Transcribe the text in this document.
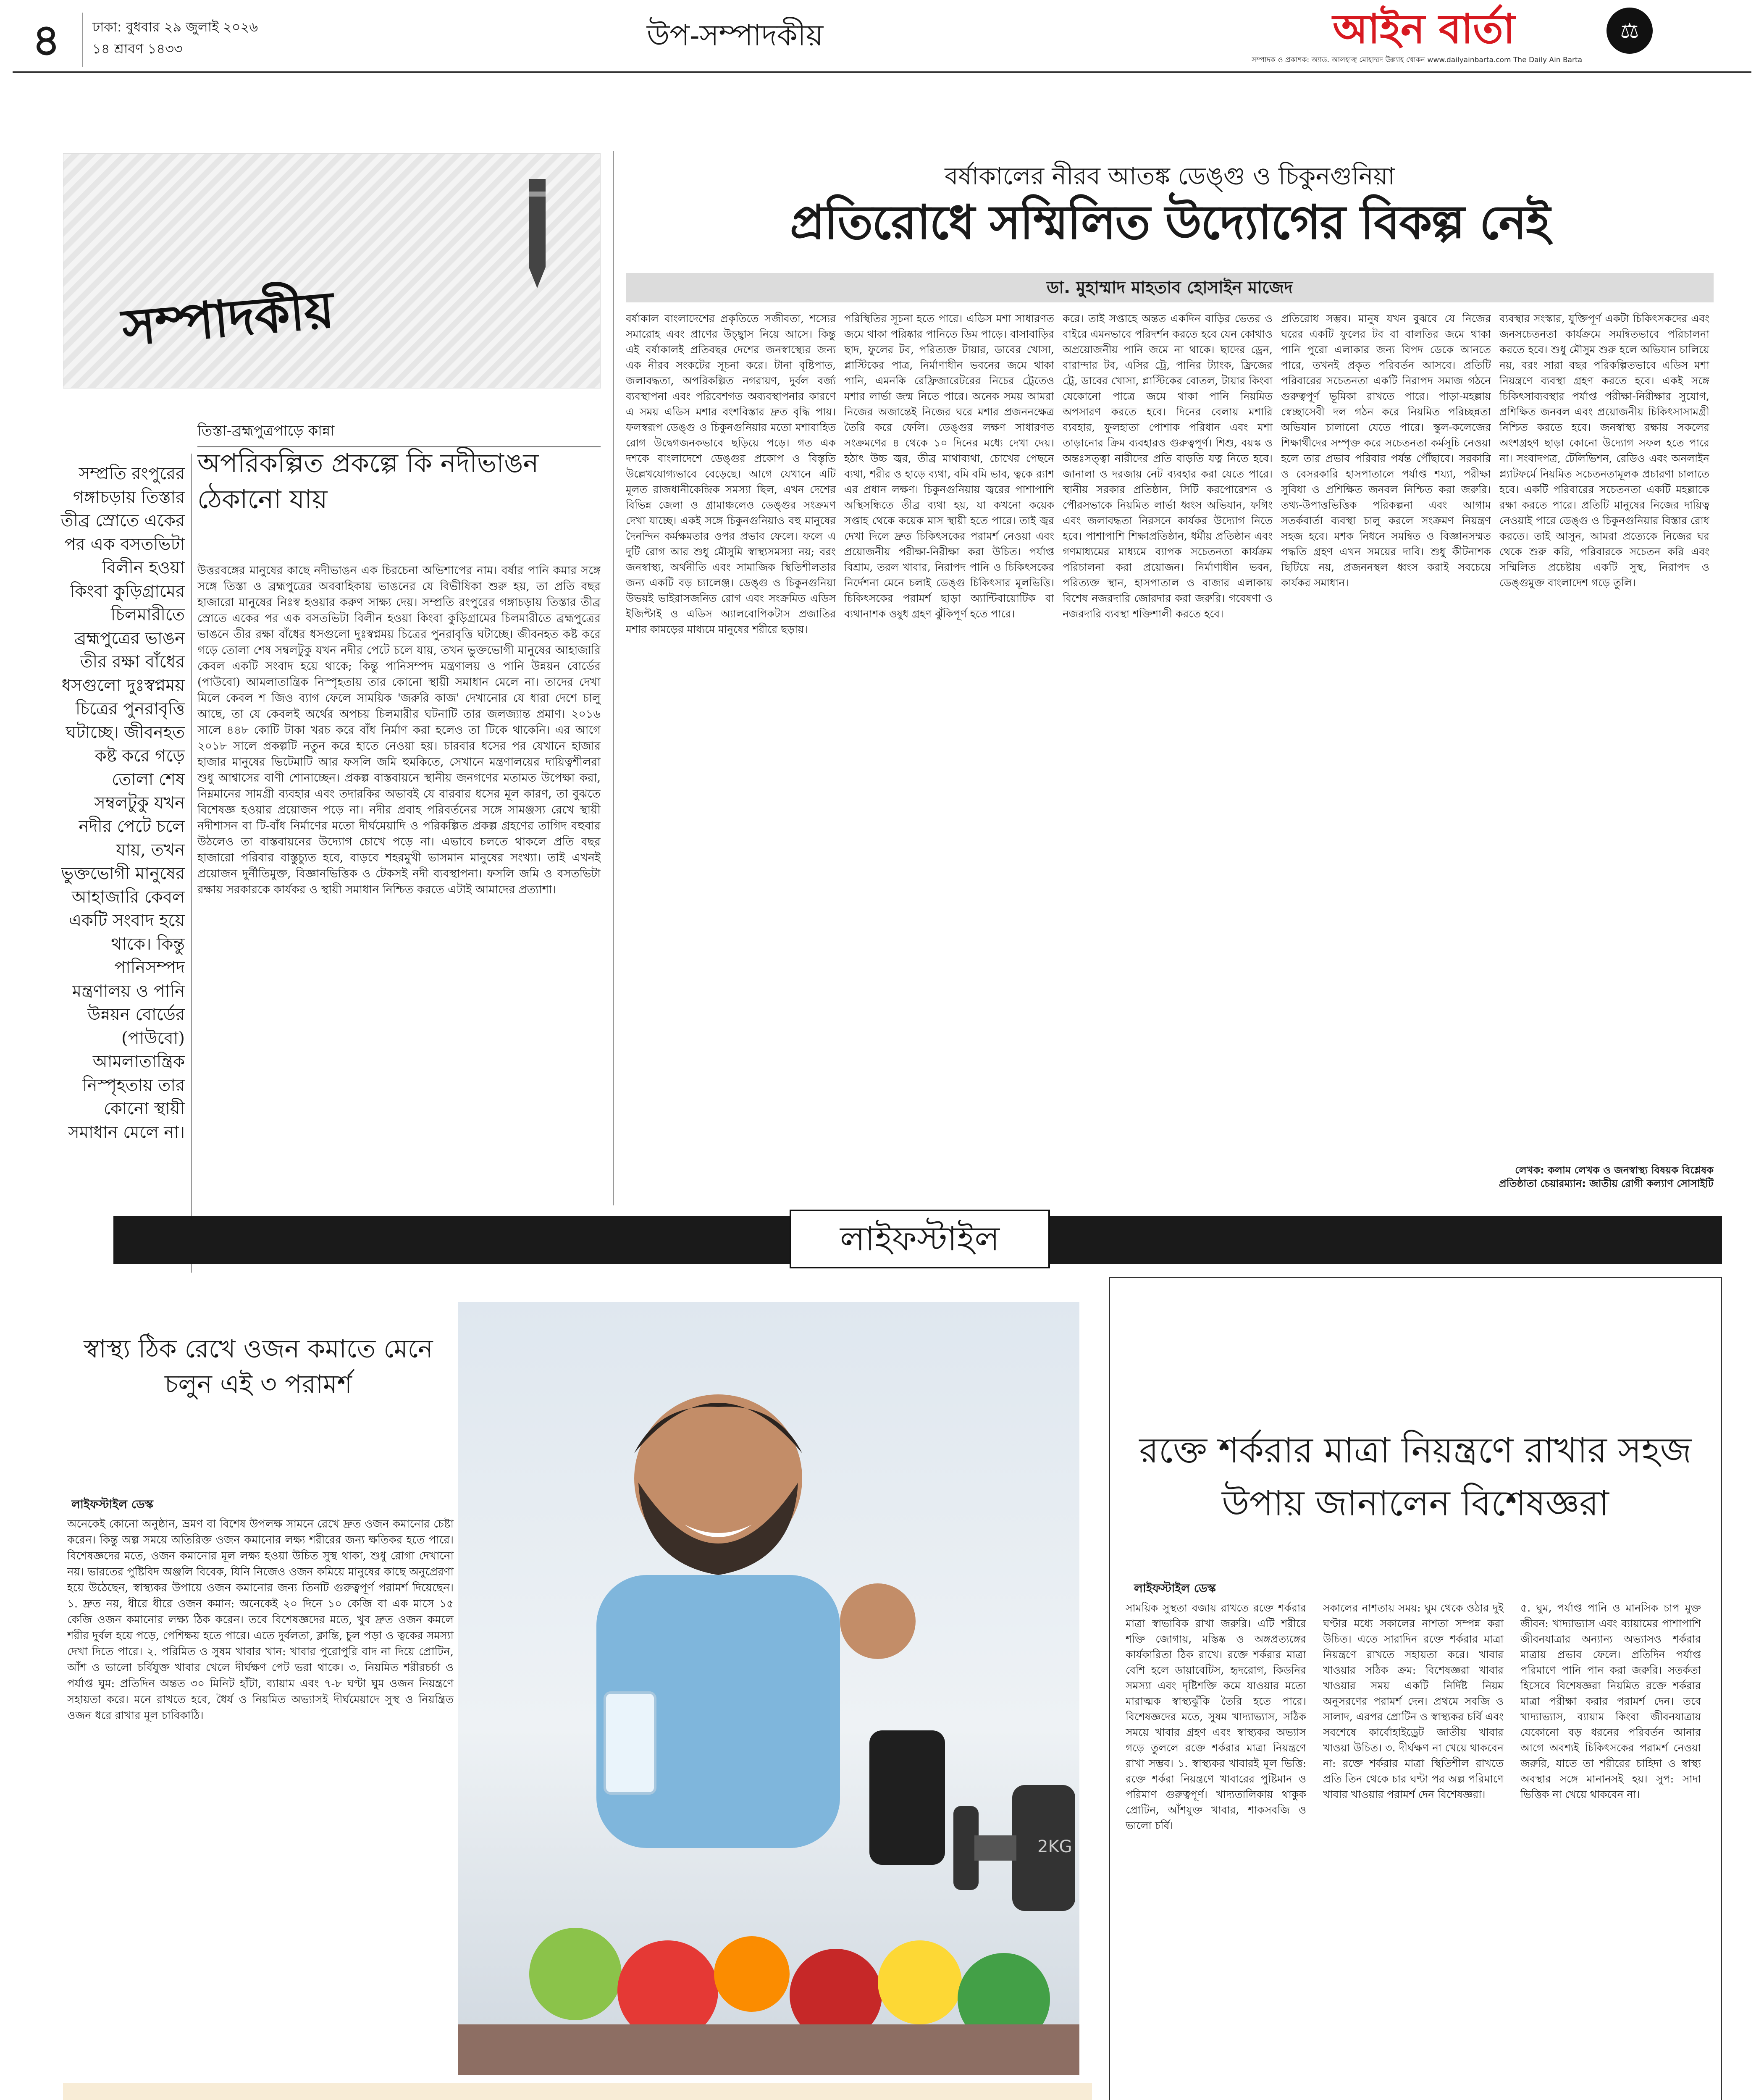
৪	ঢাকা: বুধবার ২৯ জুলাই ২০২৬
১৪ শ্রাবণ ১৪৩৩	উপ-সম্পাদকীয়	আইন বার্তা	⚖
সম্পাদক ও প্রকাশক: অ্যাড. আলহাজ্ব মোহাম্মদ উল্ল্যাহ খোকন www.dailyainbarta.com The Daily Ain Barta
সম্পাদকীয়
তিস্তা-ব্রহ্মপুত্রপাড়ে কান্না
অপরিকল্পিত প্রকল্পে কি নদীভাঙন ঠেকানো যায়
সম্প্রতি রংপুরের গঙ্গাচড়ায় তিস্তার তীব্র স্রোতে একের পর এক বসতভিটা বিলীন হওয়া কিংবা কুড়িগ্রামের চিলমারীতে ব্রহ্মপুত্রের ভাঙন তীর রক্ষা বাঁধের ধসগুলো দুঃস্বপ্নময় চিত্রের পুনরাবৃত্তি ঘটাচ্ছে। জীবনহত কষ্ট করে গড়ে তোলা শেষ সম্বলটুকু যখন নদীর পেটে চলে যায়, তখন ভুক্তভোগী মানুষের আহাজারি কেবল একটি সংবাদ হয়ে থাকে। কিন্তু পানিসম্পদ মন্ত্রণালয় ও পানি উন্নয়ন বোর্ডের (পাউবো) আমলাতান্ত্রিক নিস্পৃহতায় তার কোনো স্থায়ী সমাধান মেলে না।
উত্তরবঙ্গের মানুষের কাছে নদীভাঙন এক চিরচেনা অভিশাপের নাম। বর্ষার পানি কমার সঙ্গে সঙ্গে তিস্তা ও ব্রহ্মপুত্রের অববাহিকায় ভাঙনের যে বিভীষিকা শুরু হয়, তা প্রতি বছর হাজারো মানুষের নিঃস্ব হওয়ার করুণ সাক্ষ্য দেয়। সম্প্রতি রংপুরের গঙ্গাচড়ায় তিস্তার তীব্র স্রোতে একের পর এক বসতভিটা বিলীন হওয়া কিংবা কুড়িগ্রামের চিলমারীতে ব্রহ্মপুত্রের ভাঙনে তীর রক্ষা বাঁধের ধসগুলো দুঃস্বপ্নময় চিত্রের পুনরাবৃত্তি ঘটাচ্ছে। জীবনহত কষ্ট করে গড়ে তোলা শেষ সম্বলটুকু যখন নদীর পেটে চলে যায়, তখন ভুক্তভোগী মানুষের আহাজারি কেবল একটি সংবাদ হয়ে থাকে; কিন্তু পানিসম্পদ মন্ত্রণালয় ও পানি উন্নয়ন বোর্ডের (পাউবো) আমলাতান্ত্রিক নিস্পৃহতায় তার কোনো স্থায়ী সমাধান মেলে না। তাদের দেখা মিলে কেবল শ জিও ব্যাগ ফেলে সাময়িক 'জরুরি কাজ' দেখানোর যে ধারা দেশে চালু আছে, তা যে কেবলই অর্থের অপচয় চিলমারীর ঘটনাটি তার জলজ্যান্ত প্রমাণ। ২০১৬ সালে ৪৪৮ কোটি টাকা খরচ করে বাঁধ নির্মাণ করা হলেও তা টিকে থাকেনি। এর আগে ২০১৮ সালে প্রকল্পটি নতুন করে হাতে নেওয়া হয়। চারবার ধসের পর যেখানে হাজার হাজার মানুষের ভিটেমাটি আর ফসলি জমি হুমকিতে, সেখানে মন্ত্রণালয়ের দায়িত্বশীলরা শুধু আশ্বাসের বাণী শোনাচ্ছেন। প্রকল্প বাস্তবায়নে স্থানীয় জনগণের মতামত উপেক্ষা করা, নিম্নমানের সামগ্রী ব্যবহার এবং তদারকির অভাবই যে বারবার ধসের মূল কারণ, তা বুঝতে বিশেষজ্ঞ হওয়ার প্রয়োজন পড়ে না। নদীর প্রবাহ পরিবর্তনের সঙ্গে সামঞ্জস্য রেখে স্থায়ী নদীশাসন বা টি-বাঁধ নির্মাণের মতো দীর্ঘমেয়াদি ও পরিকল্পিত প্রকল্প গ্রহণের তাগিদ বহুবার উঠলেও তা বাস্তবায়নের উদ্যোগ চোখে পড়ে না। এভাবে চলতে থাকলে প্রতি বছর হাজারো পরিবার বাস্তুচ্যুত হবে, বাড়বে শহরমুখী ভাসমান মানুষের সংখ্যা। তাই এখনই প্রয়োজন দুর্নীতিমুক্ত, বিজ্ঞানভিত্তিক ও টেকসই নদী ব্যবস্থাপনা। ফসলি জমি ও বসতভিটা রক্ষায় সরকারকে কার্যকর ও স্থায়ী সমাধান নিশ্চিত করতে এটাই আমাদের প্রত্যাশা।
বর্ষাকালের নীরব আতঙ্ক ডেঙ্গু ও চিকুনগুনিয়া
প্রতিরোধে সম্মিলিত উদ্যোগের বিকল্প নেই
ডা. মুহাম্মাদ মাহতাব হোসাইন মাজেদ
বর্ষাকাল বাংলাদেশের প্রকৃতিতে সজীবতা, শস্যের সমারোহ এবং প্রাণের উচ্ছ্বাস নিয়ে আসে। কিন্তু এই বর্ষাকালই প্রতিবছর দেশের জনস্বাস্থ্যের জন্য এক নীরব সংকটের সূচনা করে। টানা বৃষ্টিপাত, জলাবদ্ধতা, অপরিকল্পিত নগরায়ণ, দুর্বল বর্জ্য ব্যবস্থাপনা এবং পরিবেশগত অব্যবস্থাপনার কারণে এ সময় এডিস মশার বংশবিস্তার দ্রুত বৃদ্ধি পায়। ফলস্বরূপ ডেঙ্গু ও চিকুনগুনিয়ার মতো মশাবাহিত রোগ উদ্বেগজনকভাবে ছড়িয়ে পড়ে। গত এক দশকে বাংলাদেশে ডেঙ্গুর প্রকোপ ও বিস্তৃতি উল্লেখযোগ্যভাবে বেড়েছে। আগে যেখানে এটি মূলত রাজধানীকেন্দ্রিক সমস্যা ছিল, এখন দেশের বিভিন্ন জেলা ও গ্রামাঞ্চলেও ডেঙ্গুর সংক্রমণ দেখা যাচ্ছে। একই সঙ্গে চিকুনগুনিয়াও বহু মানুষের দৈনন্দিন কর্মক্ষমতার ওপর প্রভাব ফেলে। ফলে এ দুটি রোগ আর শুধু মৌসুমি স্বাস্থ্যসমস্যা নয়; বরং জনস্বাস্থ্য, অর্থনীতি এবং সামাজিক স্থিতিশীলতার জন্য একটি বড় চ্যালেঞ্জ। ডেঙ্গু ও চিকুনগুনিয়া উভয়ই ভাইরাসজনিত রোগ এবং সংক্রমিত এডিস ইজিপ্টাই ও এডিস অ্যালবোপিকটাস প্রজাতির মশার কামড়ের মাধ্যমে মানুষের শরীরে ছড়ায়।
পরিস্থিতির সূচনা হতে পারে। এডিস মশা সাধারণত জমে থাকা পরিষ্কার পানিতে ডিম পাড়ে। বাসাবাড়ির ছাদ, ফুলের টব, পরিত্যক্ত টায়ার, ডাবের খোসা, প্লাস্টিকের পাত্র, নির্মাণাধীন ভবনের জমে থাকা পানি, এমনকি রেফ্রিজারেটরের নিচের ট্রেতেও মশার লার্ভা জন্ম নিতে পারে। অনেক সময় আমরা নিজের অজান্তেই নিজের ঘরে মশার প্রজননক্ষেত্র তৈরি করে ফেলি। ডেঙ্গুর লক্ষণ সাধারণত সংক্রমণের ৪ থেকে ১০ দিনের মধ্যে দেখা দেয়। হঠাৎ উচ্চ জ্বর, তীব্র মাথাব্যথা, চোখের পেছনে ব্যথা, শরীর ও হাড়ে ব্যথা, বমি বমি ভাব, ত্বকে র‍্যাশ এর প্রধান লক্ষণ। চিকুনগুনিয়ায় জ্বরের পাশাপাশি অস্থিসন্ধিতে তীব্র ব্যথা হয়, যা কখনো কয়েক সপ্তাহ থেকে কয়েক মাস স্থায়ী হতে পারে। তাই জ্বর দেখা দিলে দ্রুত চিকিৎসকের পরামর্শ নেওয়া এবং প্রয়োজনীয় পরীক্ষা-নিরীক্ষা করা উচিত। পর্যাপ্ত বিশ্রাম, তরল খাবার, নিরাপদ পানি ও চিকিৎসকের নির্দেশনা মেনে চলাই ডেঙ্গু চিকিৎসার মূলভিত্তি। চিকিৎসকের পরামর্শ ছাড়া অ্যান্টিবায়োটিক বা ব্যথানাশক ওষুধ গ্রহণ ঝুঁকিপূর্ণ হতে পারে।
করে। তাই সপ্তাহে অন্তত একদিন বাড়ির ভেতর ও বাইরে এমনভাবে পরিদর্শন করতে হবে যেন কোথাও অপ্রয়োজনীয় পানি জমে না থাকে। ছাদের ড্রেন, বারান্দার টব, এসির ট্রে, পানির ট্যাংক, ফ্রিজের ট্রে, ডাবের খোসা, প্লাস্টিকের বোতল, টায়ার কিংবা যেকোনো পাত্রে জমে থাকা পানি নিয়মিত অপসারণ করতে হবে। দিনের বেলায় মশারি ব্যবহার, ফুলহাতা পোশাক পরিধান এবং মশা তাড়ানোর ক্রিম ব্যবহারও গুরুত্বপূর্ণ। শিশু, বয়স্ক ও অন্তঃসত্ত্বা নারীদের প্রতি বাড়তি যত্ন নিতে হবে। জানালা ও দরজায় নেট ব্যবহার করা যেতে পারে। স্থানীয় সরকার প্রতিষ্ঠান, সিটি করপোরেশন ও পৌরসভাকে নিয়মিত লার্ভা ধ্বংস অভিযান, ফগিং এবং জলাবদ্ধতা নিরসনে কার্যকর উদ্যোগ নিতে হবে। পাশাপাশি শিক্ষাপ্রতিষ্ঠান, ধর্মীয় প্রতিষ্ঠান এবং গণমাধ্যমের মাধ্যমে ব্যাপক সচেতনতা কার্যক্রম পরিচালনা করা প্রয়োজন। নির্মাণাধীন ভবন, পরিত্যক্ত স্থান, হাসপাতাল ও বাজার এলাকায় বিশেষ নজরদারি জোরদার করা জরুরি। গবেষণা ও নজরদারি ব্যবস্থা শক্তিশালী করতে হবে।
প্রতিরোধ সম্ভব। মানুষ যখন বুঝবে যে নিজের ঘরের একটি ফুলের টব বা বালতির জমে থাকা পানি পুরো এলাকার জন্য বিপদ ডেকে আনতে পারে, তখনই প্রকৃত পরিবর্তন আসবে। প্রতিটি পরিবারের সচেতনতা একটি নিরাপদ সমাজ গঠনে গুরুত্বপূর্ণ ভূমিকা রাখতে পারে। পাড়া-মহল্লায় স্বেচ্ছাসেবী দল গঠন করে নিয়মিত পরিচ্ছন্নতা অভিযান চালানো যেতে পারে। স্কুল-কলেজের শিক্ষার্থীদের সম্পৃক্ত করে সচেতনতা কর্মসূচি নেওয়া হলে তার প্রভাব পরিবার পর্যন্ত পৌঁছাবে। সরকারি ও বেসরকারি হাসপাতালে পর্যাপ্ত শয্যা, পরীক্ষা সুবিধা ও প্রশিক্ষিত জনবল নিশ্চিত করা জরুরি। তথ্য-উপাত্তভিত্তিক পরিকল্পনা এবং আগাম সতর্কবার্তা ব্যবস্থা চালু করলে সংক্রমণ নিয়ন্ত্রণ সহজ হবে। মশক নিধনে সমন্বিত ও বিজ্ঞানসম্মত পদ্ধতি গ্রহণ এখন সময়ের দাবি। শুধু কীটনাশক ছিটিয়ে নয়, প্রজননস্থল ধ্বংস করাই সবচেয়ে কার্যকর সমাধান।
ব্যবস্থার সংস্কার, যুক্তিপূর্ণ একটা চিকিৎসকদের এবং জনসচেতনতা কার্যক্রমে সমন্বিতভাবে পরিচালনা করতে হবে। শুধু মৌসুম শুরু হলে অভিযান চালিয়ে নয়, বরং সারা বছর পরিকল্পিতভাবে এডিস মশা নিয়ন্ত্রণে ব্যবস্থা গ্রহণ করতে হবে। একই সঙ্গে চিকিৎসাব্যবস্থার পর্যাপ্ত পরীক্ষা-নিরীক্ষার সুযোগ, প্রশিক্ষিত জনবল এবং প্রয়োজনীয় চিকিৎসাসামগ্রী নিশ্চিত করতে হবে। জনস্বাস্থ্য রক্ষায় সকলের অংশগ্রহণ ছাড়া কোনো উদ্যোগ সফল হতে পারে না। সংবাদপত্র, টেলিভিশন, রেডিও এবং অনলাইন প্ল্যাটফর্মে নিয়মিত সচেতনতামূলক প্রচারণা চালাতে হবে। একটি পরিবারের সচেতনতা একটি মহল্লাকে রক্ষা করতে পারে। প্রতিটি মানুষের নিজের দায়িত্ব নেওয়াই পারে ডেঙ্গু ও চিকুনগুনিয়ার বিস্তার রোধ করতে। তাই আসুন, আমরা প্রত্যেকে নিজের ঘর থেকে শুরু করি, পরিবারকে সচেতন করি এবং সম্মিলিত প্রচেষ্টায় একটি সুস্থ, নিরাপদ ও ডেঙ্গুমুক্ত বাংলাদেশ গড়ে তুলি।
লেখক: কলাম লেখক ও জনস্বাস্থ্য বিষয়ক বিশ্লেষক
প্রতিষ্ঠাতা চেয়ারম্যান: জাতীয় রোগী কল্যাণ সোসাইটি
লাইফস্টাইল
স্বাস্থ্য ঠিক রেখে ওজন কমাতে মেনে চলুন এই ৩ পরামর্শ
লাইফস্টাইল ডেস্ক
অনেকেই কোনো অনুষ্ঠান, ভ্রমণ বা বিশেষ উপলক্ষ সামনে রেখে দ্রুত ওজন কমানোর চেষ্টা করেন। কিন্তু অল্প সময়ে অতিরিক্ত ওজন কমানোর লক্ষ্য শরীরের জন্য ক্ষতিকর হতে পারে। বিশেষজ্ঞদের মতে, ওজন কমানোর মূল লক্ষ্য হওয়া উচিত সুস্থ থাকা, শুধু রোগা দেখানো নয়। ভারতের পুষ্টিবিদ অঞ্জলি বিবেক, যিনি নিজেও ওজন কমিয়ে মানুষের কাছে অনুপ্রেরণা হয়ে উঠেছেন, স্বাস্থ্যকর উপায়ে ওজন কমানোর জন্য তিনটি গুরুত্বপূর্ণ পরামর্শ দিয়েছেন। ১. দ্রুত নয়, ধীরে ধীরে ওজন কমান: অনেকেই ২০ দিনে ১০ কেজি বা এক মাসে ১৫ কেজি ওজন কমানোর লক্ষ্য ঠিক করেন। তবে বিশেষজ্ঞদের মতে, খুব দ্রুত ওজন কমলে শরীর দুর্বল হয়ে পড়ে, পেশিক্ষয় হতে পারে। এতে দুর্বলতা, ক্লান্তি, চুল পড়া ও ত্বকের সমস্যা দেখা দিতে পারে। ২. পরিমিত ও সুষম খাবার খান: খাবার পুরোপুরি বাদ না দিয়ে প্রোটিন, আঁশ ও ভালো চর্বিযুক্ত খাবার খেলে দীর্ঘক্ষণ পেট ভরা থাকে। ৩. নিয়মিত শরীরচর্চা ও পর্যাপ্ত ঘুম: প্রতিদিন অন্তত ৩০ মিনিট হাঁটা, ব্যায়াম এবং ৭-৮ ঘণ্টা ঘুম ওজন নিয়ন্ত্রণে সহায়তা করে। মনে রাখতে হবে, ধৈর্য ও নিয়মিত অভ্যাসই দীর্ঘমেয়াদে সুস্থ ও নিয়ন্ত্রিত ওজন ধরে রাখার মূল চাবিকাঠি।
2KG
রক্তে শর্করার মাত্রা নিয়ন্ত্রণে রাখার সহজ উপায় জানালেন বিশেষজ্ঞরা
লাইফস্টাইল ডেস্ক
সাময়িক সুস্থতা বজায় রাখতে রক্তে শর্করার মাত্রা স্বাভাবিক রাখা জরুরি। এটি শরীরে শক্তি জোগায়, মস্তিষ্ক ও অঙ্গপ্রত্যঙ্গের কার্যকারিতা ঠিক রাখে। রক্তে শর্করার মাত্রা বেশি হলে ডায়াবেটিস, হৃদরোগ, কিডনির সমস্যা এবং দৃষ্টিশক্তি কমে যাওয়ার মতো মারাত্মক স্বাস্থ্যঝুঁকি তৈরি হতে পারে। বিশেষজ্ঞদের মতে, সুষম খাদ্যাভ্যাস, সঠিক সময়ে খাবার গ্রহণ এবং স্বাস্থ্যকর অভ্যাস গড়ে তুললে রক্তে শর্করার মাত্রা নিয়ন্ত্রণে রাখা সম্ভব। ১. স্বাস্থ্যকর খাবারই মূল ভিত্তি: রক্তে শর্করা নিয়ন্ত্রণে খাবারের পুষ্টিমান ও পরিমাণ গুরুত্বপূর্ণ। খাদ্যতালিকায় থাকুক প্রোটিন, আঁশযুক্ত খাবার, শাকসবজি ও ভালো চর্বি।
সকালের নাশতায় সময়: ঘুম থেকে ওঠার দুই ঘণ্টার মধ্যে সকালের নাশতা সম্পন্ন করা উচিত। এতে সারাদিন রক্তে শর্করার মাত্রা নিয়ন্ত্রণে রাখতে সহায়তা করে। খাবার খাওয়ার সঠিক ক্রম: বিশেষজ্ঞরা খাবার খাওয়ার সময় একটি নির্দিষ্ট নিয়ম অনুসরণের পরামর্শ দেন। প্রথমে সবজি ও সালাদ, এরপর প্রোটিন ও স্বাস্থ্যকর চর্বি এবং সবশেষে কার্বোহাইড্রেট জাতীয় খাবার খাওয়া উচিত। ৩. দীর্ঘক্ষণ না খেয়ে থাকবেন না: রক্তে শর্করার মাত্রা স্থিতিশীল রাখতে প্রতি তিন থেকে চার ঘণ্টা পর অল্প পরিমাণে খাবার খাওয়ার পরামর্শ দেন বিশেষজ্ঞরা।
৫. ঘুম, পর্যাপ্ত পানি ও মানসিক চাপ মুক্ত জীবন: খাদ্যাভ্যাস এবং ব্যায়ামের পাশাপাশি জীবনযাত্রার অন্যান্য অভ্যাসও শর্করার মাত্রায় প্রভাব ফেলে। প্রতিদিন পর্যাপ্ত পরিমাণে পানি পান করা জরুরি। সতর্কতা হিসেবে বিশেষজ্ঞরা নিয়মিত রক্তে শর্করার মাত্রা পরীক্ষা করার পরামর্শ দেন। তবে খাদ্যাভ্যাস, ব্যায়াম কিংবা জীবনযাত্রায় যেকোনো বড় ধরনের পরিবর্তন আনার আগে অবশ্যই চিকিৎসকের পরামর্শ নেওয়া জরুরি, যাতে তা শরীরের চাহিদা ও স্বাস্থ্য অবস্থার সঙ্গে মানানসই হয়। সুপ: সাদা ভিত্তিক না খেয়ে থাকবেন না।
